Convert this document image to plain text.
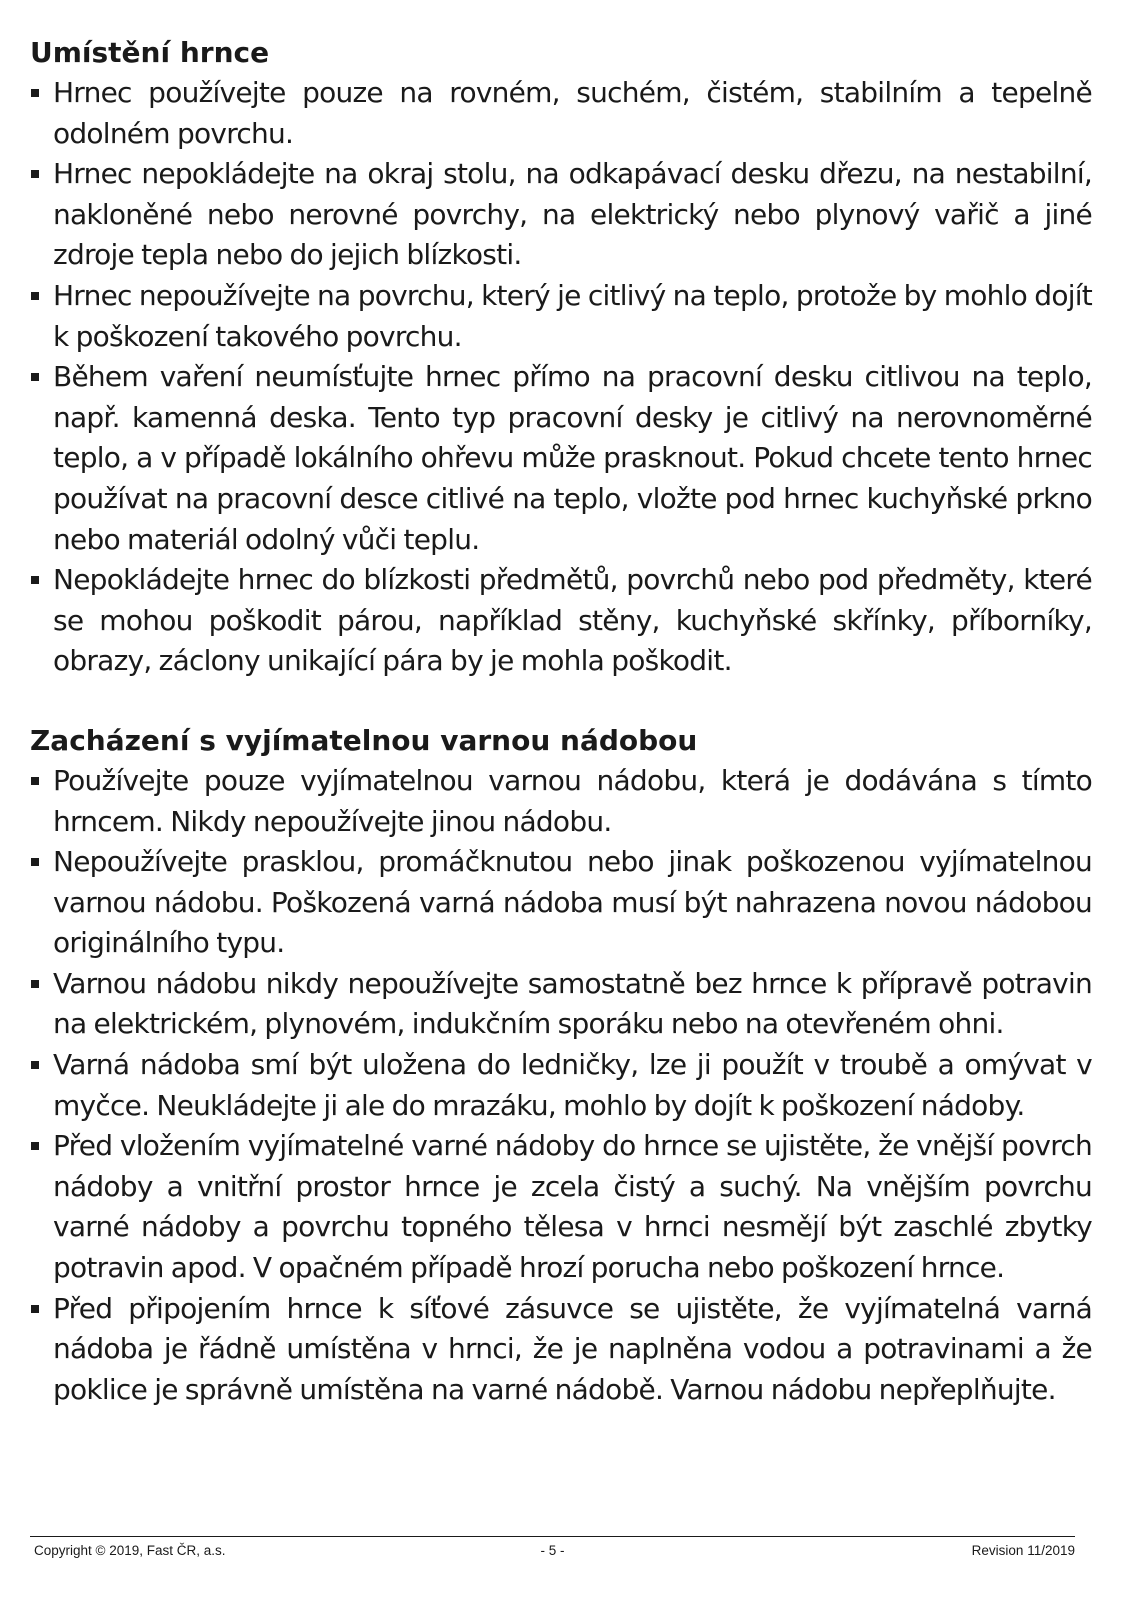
Umístění hrnce
Hrnec používejte pouze na rovném, suchém, čistém, stabilním a tepelně odolném povrchu.
Hrnec nepokládejte na okraj stolu, na odkapávací desku dřezu, na nestabilní, nakloněné nebo nerovné povrchy, na elektrický nebo plynový vařič a jiné zdroje tepla nebo do jejich blízkosti.
Hrnec nepoužívejte na povrchu, který je citlivý na teplo, protože by mohlo dojít k poškození takového povrchu.
Během vaření neumísťujte hrnec přímo na pracovní desku citlivou na teplo, např. kamenná deska. Tento typ pracovní desky je citlivý na nerovnoměrné teplo, a v případě lokálního ohřevu může prasknout. Pokud chcete tento hrnec používat na pracovní desce citlivé na teplo, vložte pod hrnec kuchyňské prkno nebo materiál odolný vůči teplu.
Nepokládejte hrnec do blízkosti předmětů, povrchů nebo pod předměty, které se mohou poškodit párou, například stěny, kuchyňské skřínky, příborníky, obrazy, záclony unikající pára by je mohla poškodit.
Zacházení s vyjímatelnou varnou nádobou
Používejte pouze vyjímatelnou varnou nádobu, která je dodávána s tímto hrncem. Nikdy nepoužívejte jinou nádobu.
Nepoužívejte prasklou, promáčknutou nebo jinak poškozenou vyjímatelnou varnou nádobu. Poškozená varná nádoba musí být nahrazena novou nádobou originálního typu.
Varnou nádobu nikdy nepoužívejte samostatně bez hrnce k přípravě potravin na elektrickém, plynovém, indukčním sporáku nebo na otevřeném ohni.
Varná nádoba smí být uložena do ledničky, lze ji použít v troubě a omývat v myčce. Neukládejte ji ale do mrazáku, mohlo by dojít k poškození nádoby.
Před vložením vyjímatelné varné nádoby do hrnce se ujistěte, že vnější povrch nádoby a vnitřní prostor hrnce je zcela čistý a suchý. Na vnějším povrchu varné nádoby a povrchu topného tělesa v hrnci nesmějí být zaschlé zbytky potravin apod. V opačném případě hrozí porucha nebo poškození hrnce.
Před připojením hrnce k síťové zásuvce se ujistěte, že vyjímatelná varná nádoba je řádně umístěna v hrnci, že je naplněna vodou a potravinami a že poklice je správně umístěna na varné nádobě. Varnou nádobu nepřeplňujte.
Copyright © 2019, Fast ČR, a.s.	- 5 -	Revision 11/2019
